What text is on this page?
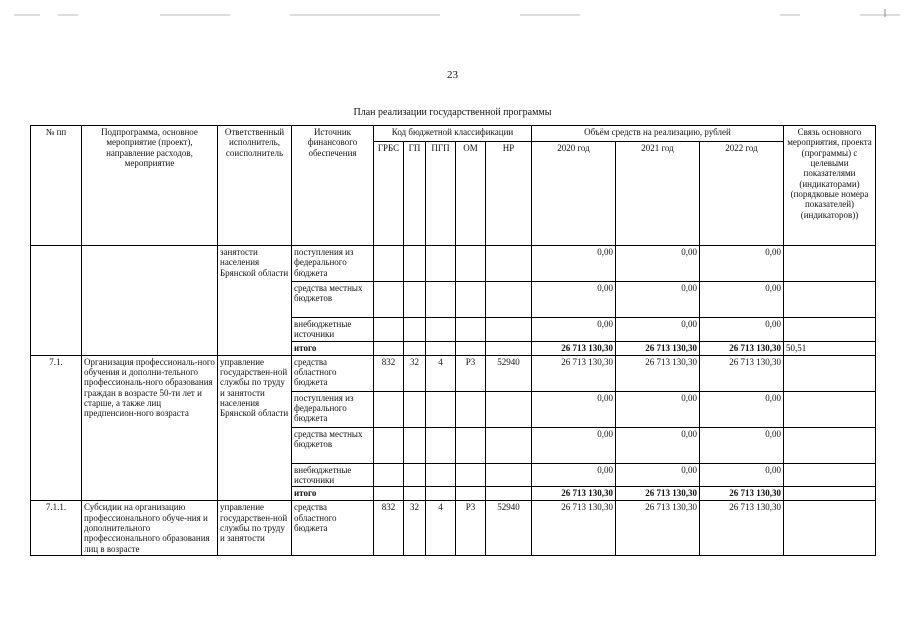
23
План реализации государственной программы
№ пп	Подпрограмма, основное мероприятие (проект), направление расходов, мероприятие	Ответственный исполнитель, соисполнитель	Источник финансового обеспечения	Код бюджетной классификации					Объём средств на реализацию, рублей			Связь основного мероприятия, проекта (программы) с целевыми показателями (индикаторами) (порядковые номера показателей) (индикаторов))
				ГРБС	ГП	ПГП	ОМ	НР	2020 год	2021 год	2022 год	
		занятости населения Брянской области	поступления из федерального бюджета						0,00	0,00	0,00	
			средства местных бюджетов						0,00	0,00	0,00	
			внебюджетные источники						0,00	0,00	0,00	
			итого						26 713 130,30	26 713 130,30	26 713 130,30	50,51
7.1.	Организация профессиональ-ного обучения и дополни-тельного профессиональ-ного образования граждан в возрасте 50-ти лет и старше, а также лиц предпенсион-ного возраста	управление государствен-ной службы по труду и занятости населения Брянской области	средства областного бюджета	832	32	4	Р3	52940	26 713 130,30	26 713 130,30	26 713 130,30	
			поступления из федерального бюджета						0,00	0,00	0,00	
			средства местных бюджетов						0,00	0,00	0,00	
			внебюджетные источники						0,00	0,00	0,00	
			итого						26 713 130,30	26 713 130,30	26 713 130,30	
7.1.1.	Субсидии на организацию профессионального обуче-ния и дополнительного профессионального образования лиц в возрасте	управление государствен-ной службы по труду и занятости	средства областного бюджета	832	32	4	Р3	52940	26 713 130,30	26 713 130,30	26 713 130,30	
